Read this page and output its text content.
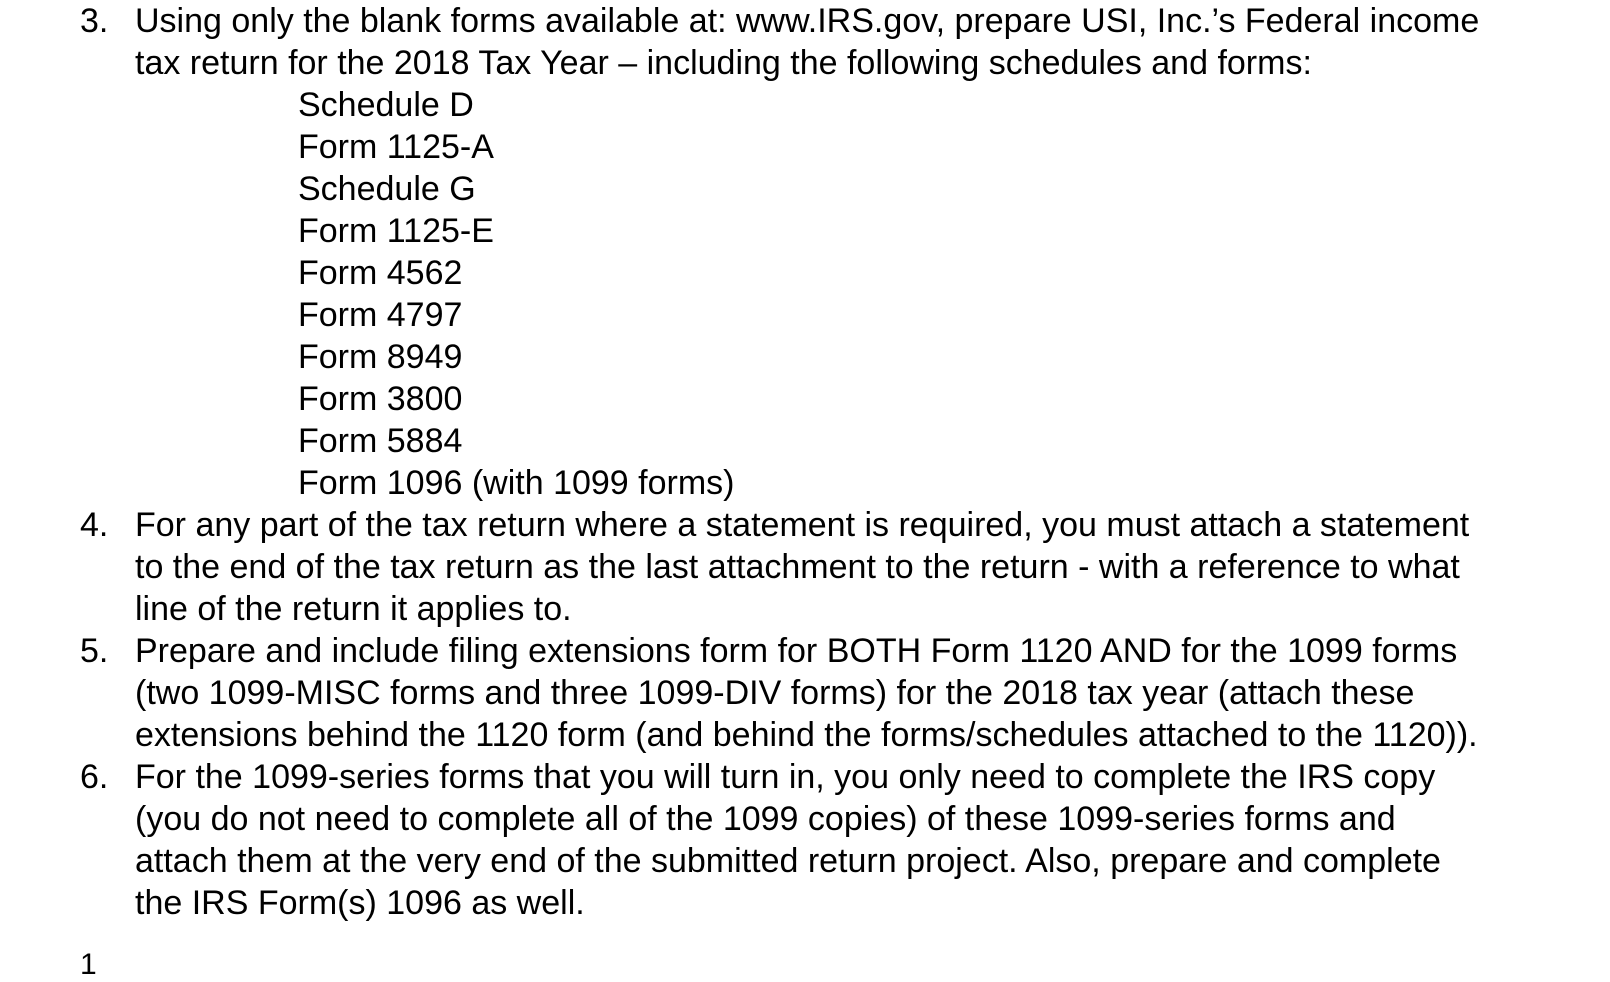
3. Using only the blank forms available at: www.IRS.gov, prepare USI, Inc.’s Federal income
tax return for the 2018 Tax Year – including the following schedules and forms:
Schedule D
Form 1125-A
Schedule G
Form 1125-E
Form 4562
Form 4797
Form 8949
Form 3800
Form 5884
Form 1096 (with 1099 forms)
4. For any part of the tax return where a statement is required, you must attach a statement
to the end of the tax return as the last attachment to the return - with a reference to what
line of the return it applies to.
5. Prepare and include filing extensions form for BOTH Form 1120 AND for the 1099 forms
(two 1099-MISC forms and three 1099-DIV forms) for the 2018 tax year (attach these
extensions behind the 1120 form (and behind the forms/schedules attached to the 1120)).
6. For the 1099-series forms that you will turn in, you only need to complete the IRS copy
(you do not need to complete all of the 1099 copies) of these 1099-series forms and
attach them at the very end of the submitted return project. Also, prepare and complete
the IRS Form(s) 1096 as well.
1
